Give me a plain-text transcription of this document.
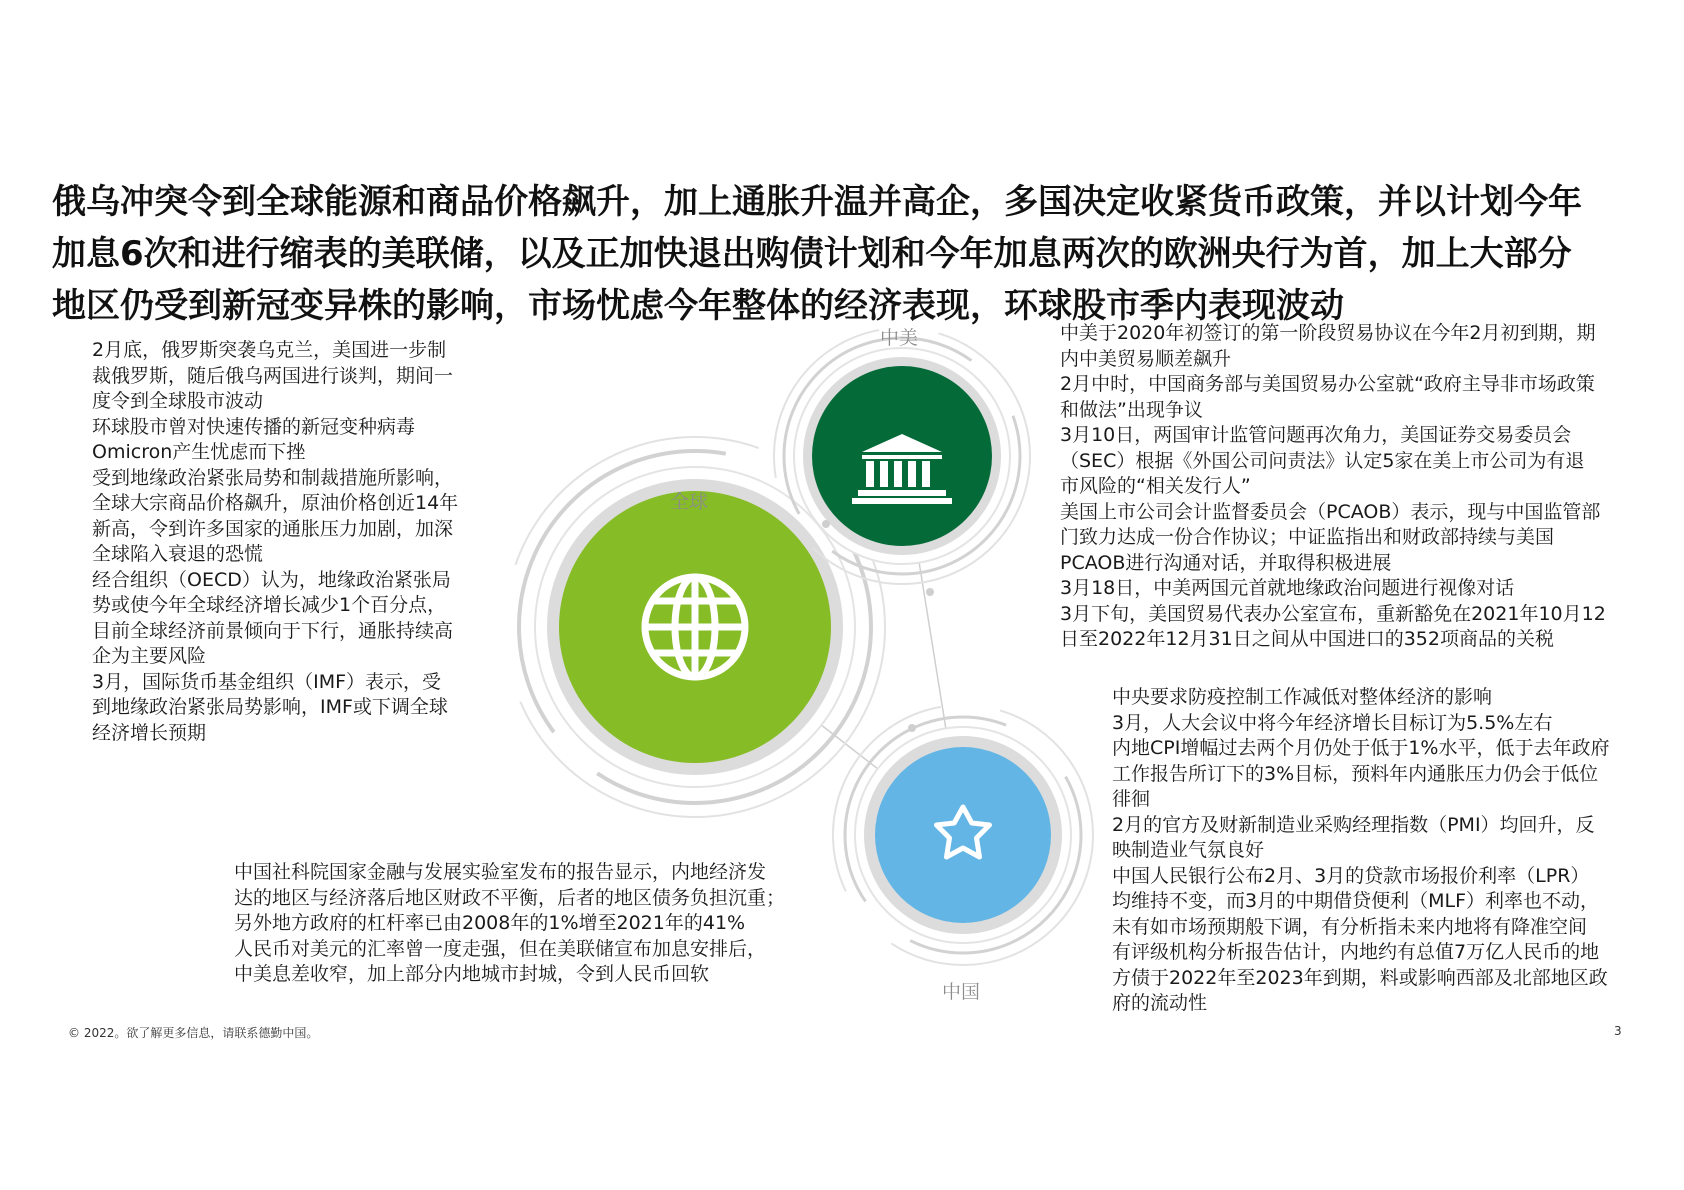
俄乌冲突令到全球能源和商品价格飙升，加上通胀升温并高企，多国决定收紧货币政策，并以计划今年
加息6次和进行缩表的美联储，以及正加快退出购债计划和今年加息两次的欧洲央行为首，加上大部分
地区仍受到新冠变异株的影响，市场忧虑今年整体的经济表现，环球股市季内表现波动
全球
中美
中国
2月底，俄罗斯突袭乌克兰，美国进一步制
裁俄罗斯，随后俄乌两国进行谈判，期间一
度令到全球股市波动
环球股市曾对快速传播的新冠变种病毒
Omicron产生忧虑而下挫
受到地缘政治紧张局势和制裁措施所影响，
全球大宗商品价格飙升，原油价格创近14年
新高，令到许多国家的通胀压力加剧，加深
全球陷入衰退的恐慌
经合组织（OECD）认为，地缘政治紧张局
势或使今年全球经济增长减少1个百分点，
目前全球经济前景倾向于下行，通胀持续高
企为主要风险
3月，国际货币基金组织（IMF）表示，受
到地缘政治紧张局势影响，IMF或下调全球
经济增长预期
中美于2020年初签订的第一阶段贸易协议在今年2月初到期，期
内中美贸易顺差飙升
2月中时，中国商务部与美国贸易办公室就“政府主导非市场政策
和做法”出现争议
3月10日，两国审计监管问题再次角力，美国证券交易委员会
（SEC）根据《外国公司问责法》认定5家在美上市公司为有退
市风险的“相关发行人”
美国上市公司会计监督委员会（PCAOB）表示，现与中国监管部
门致力达成一份合作协议；中证监指出和财政部持续与美国
PCAOB进行沟通对话，并取得积极进展
3月18日，中美两国元首就地缘政治问题进行视像对话
3月下旬，美国贸易代表办公室宣布，重新豁免在2021年10月12
日至2022年12月31日之间从中国进口的352项商品的关税
中央要求防疫控制工作减低对整体经济的影响
3月，人大会议中将今年经济增长目标订为5.5%左右
内地CPI增幅过去两个月仍处于低于1%水平，低于去年政府
工作报告所订下的3%目标，预料年内通胀压力仍会于低位
徘徊
2月的官方及财新制造业采购经理指数（PMI）均回升，反
映制造业气氛良好
中国人民银行公布2月、3月的贷款市场报价利率（LPR）
均维持不变，而3月的中期借贷便利（MLF）利率也不动，
未有如市场预期般下调，有分析指未来内地将有降准空间
有评级机构分析报告估计，内地约有总值7万亿人民币的地
方债于2022年至2023年到期，料或影响西部及北部地区政
府的流动性
中国社科院国家金融与发展实验室发布的报告显示，内地经济发
达的地区与经济落后地区财政不平衡，后者的地区债务负担沉重；
另外地方政府的杠杆率已由2008年的1%增至2021年的41%
人民币对美元的汇率曾一度走强，但在美联储宣布加息安排后，
中美息差收窄，加上部分内地城市封城，令到人民币回软
© 2022。欲了解更多信息，请联系德勤中国。	3
